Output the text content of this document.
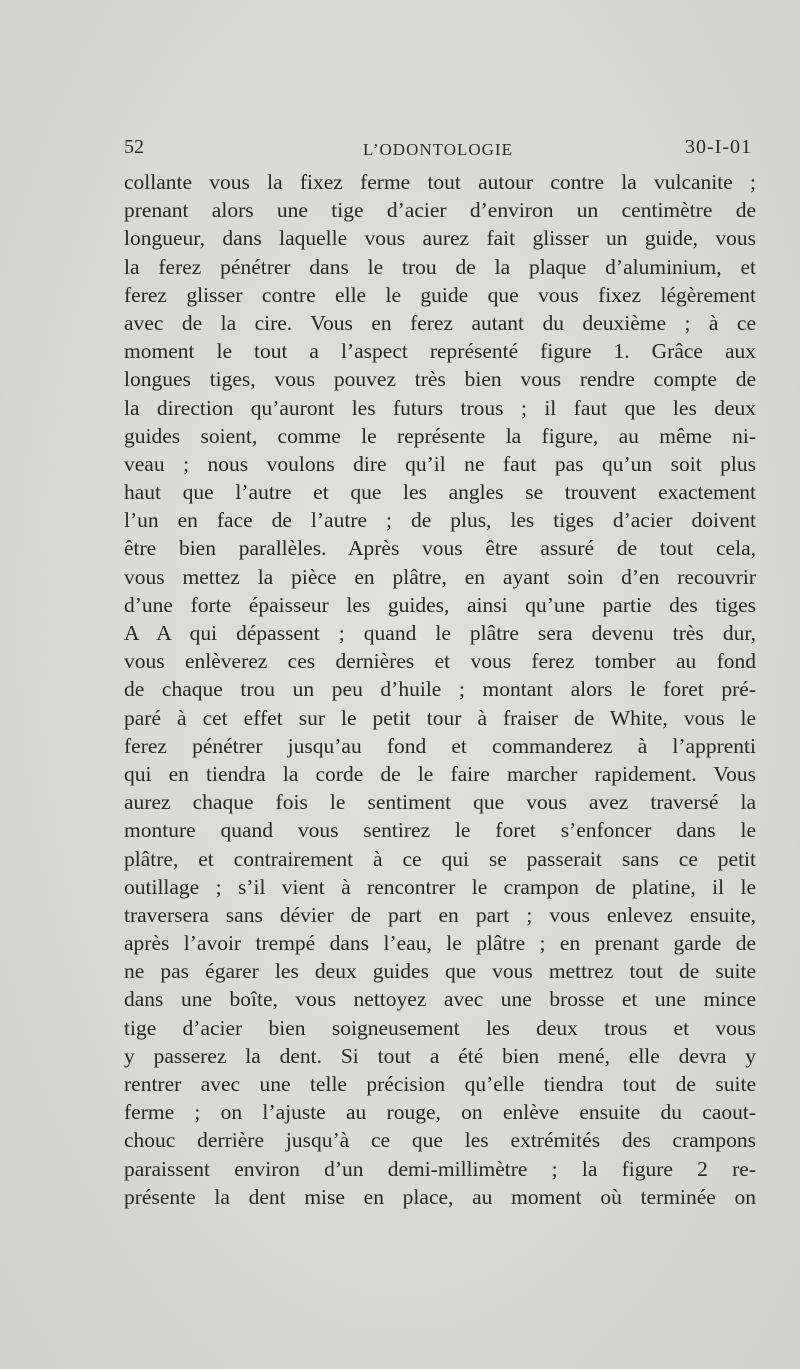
52	L’ODONTOLOGIE	30-I-01
collante vous la fixez ferme tout autour contre la vulcanite ;
prenant alors une tige d’acier d’environ un centimètre de
longueur, dans laquelle vous aurez fait glisser un guide, vous
la ferez pénétrer dans le trou de la plaque d’aluminium, et
ferez glisser contre elle le guide que vous fixez légèrement
avec de la cire. Vous en ferez autant du deuxième ; à ce
moment le tout a l’aspect représenté figure 1. Grâce aux
longues tiges, vous pouvez très bien vous rendre compte de
la direction qu’auront les futurs trous ; il faut que les deux
guides soient, comme le représente la figure, au même ni-
veau ; nous voulons dire qu’il ne faut pas qu’un soit plus
haut que l’autre et que les angles se trouvent exactement
l’un en face de l’autre ; de plus, les tiges d’acier doivent
être bien parallèles. Après vous être assuré de tout cela,
vous mettez la pièce en plâtre, en ayant soin d’en recouvrir
d’une forte épaisseur les guides, ainsi qu’une partie des tiges
A A qui dépassent ; quand le plâtre sera devenu très dur,
vous enlèverez ces dernières et vous ferez tomber au fond
de chaque trou un peu d’huile ; montant alors le foret pré-
paré à cet effet sur le petit tour à fraiser de White, vous le
ferez pénétrer jusqu’au fond et commanderez à l’apprenti
qui en tiendra la corde de le faire marcher rapidement. Vous
aurez chaque fois le sentiment que vous avez traversé la
monture quand vous sentirez le foret s’enfoncer dans le
plâtre, et contrairement à ce qui se passerait sans ce petit
outillage ; s’il vient à rencontrer le crampon de platine, il le
traversera sans dévier de part en part ; vous enlevez ensuite,
après l’avoir trempé dans l’eau, le plâtre ; en prenant garde de
ne pas égarer les deux guides que vous mettrez tout de suite
dans une boîte, vous nettoyez avec une brosse et une mince
tige d’acier bien soigneusement les deux trous et vous
y passerez la dent. Si tout a été bien mené, elle devra y
rentrer avec une telle précision qu’elle tiendra tout de suite
ferme ; on l’ajuste au rouge, on enlève ensuite du caout-
chouc derrière jusqu’à ce que les extrémités des crampons
paraissent environ d’un demi-millimètre ; la figure 2 re-
présente la dent mise en place, au moment où terminée on
